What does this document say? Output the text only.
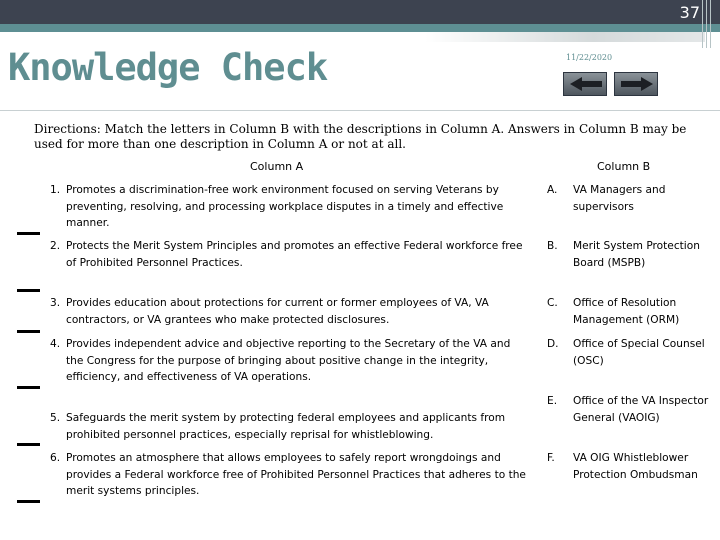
37
Knowledge Check	11/22/2020
Directions: Match the letters in Column B with the descriptions in Column A. Answers in Column B may be used for more than one description in Column A or not at all.
Column A	Column B
1. Promotes a discrimination-free work environment focused on serving Veterans by preventing, resolving, and processing workplace disputes in a timely and effective manner.
2. Protects the Merit System Principles and promotes an effective Federal workforce free of Prohibited Personnel Practices.
3. Provides education about protections for current or former employees of VA, VA contractors, or VA grantees who make protected disclosures.
4. Provides independent advice and objective reporting to the Secretary of the VA and the Congress for the purpose of bringing about positive change in the integrity, efficiency, and effectiveness of VA operations.
5. Safeguards the merit system by protecting federal employees and applicants from prohibited personnel practices, especially reprisal for whistleblowing.
6. Promotes an atmosphere that allows employees to safely report wrongdoings and provides a Federal workforce free of Prohibited Personnel Practices that adheres to the merit systems principles.
A. VA Managers and supervisors
B. Merit System Protection Board (MSPB)
C. Office of Resolution Management (ORM)
D. Office of Special Counsel (OSC)
E. Office of the VA Inspector General (VAOIG)
F. VA OIG Whistleblower Protection Ombudsman
